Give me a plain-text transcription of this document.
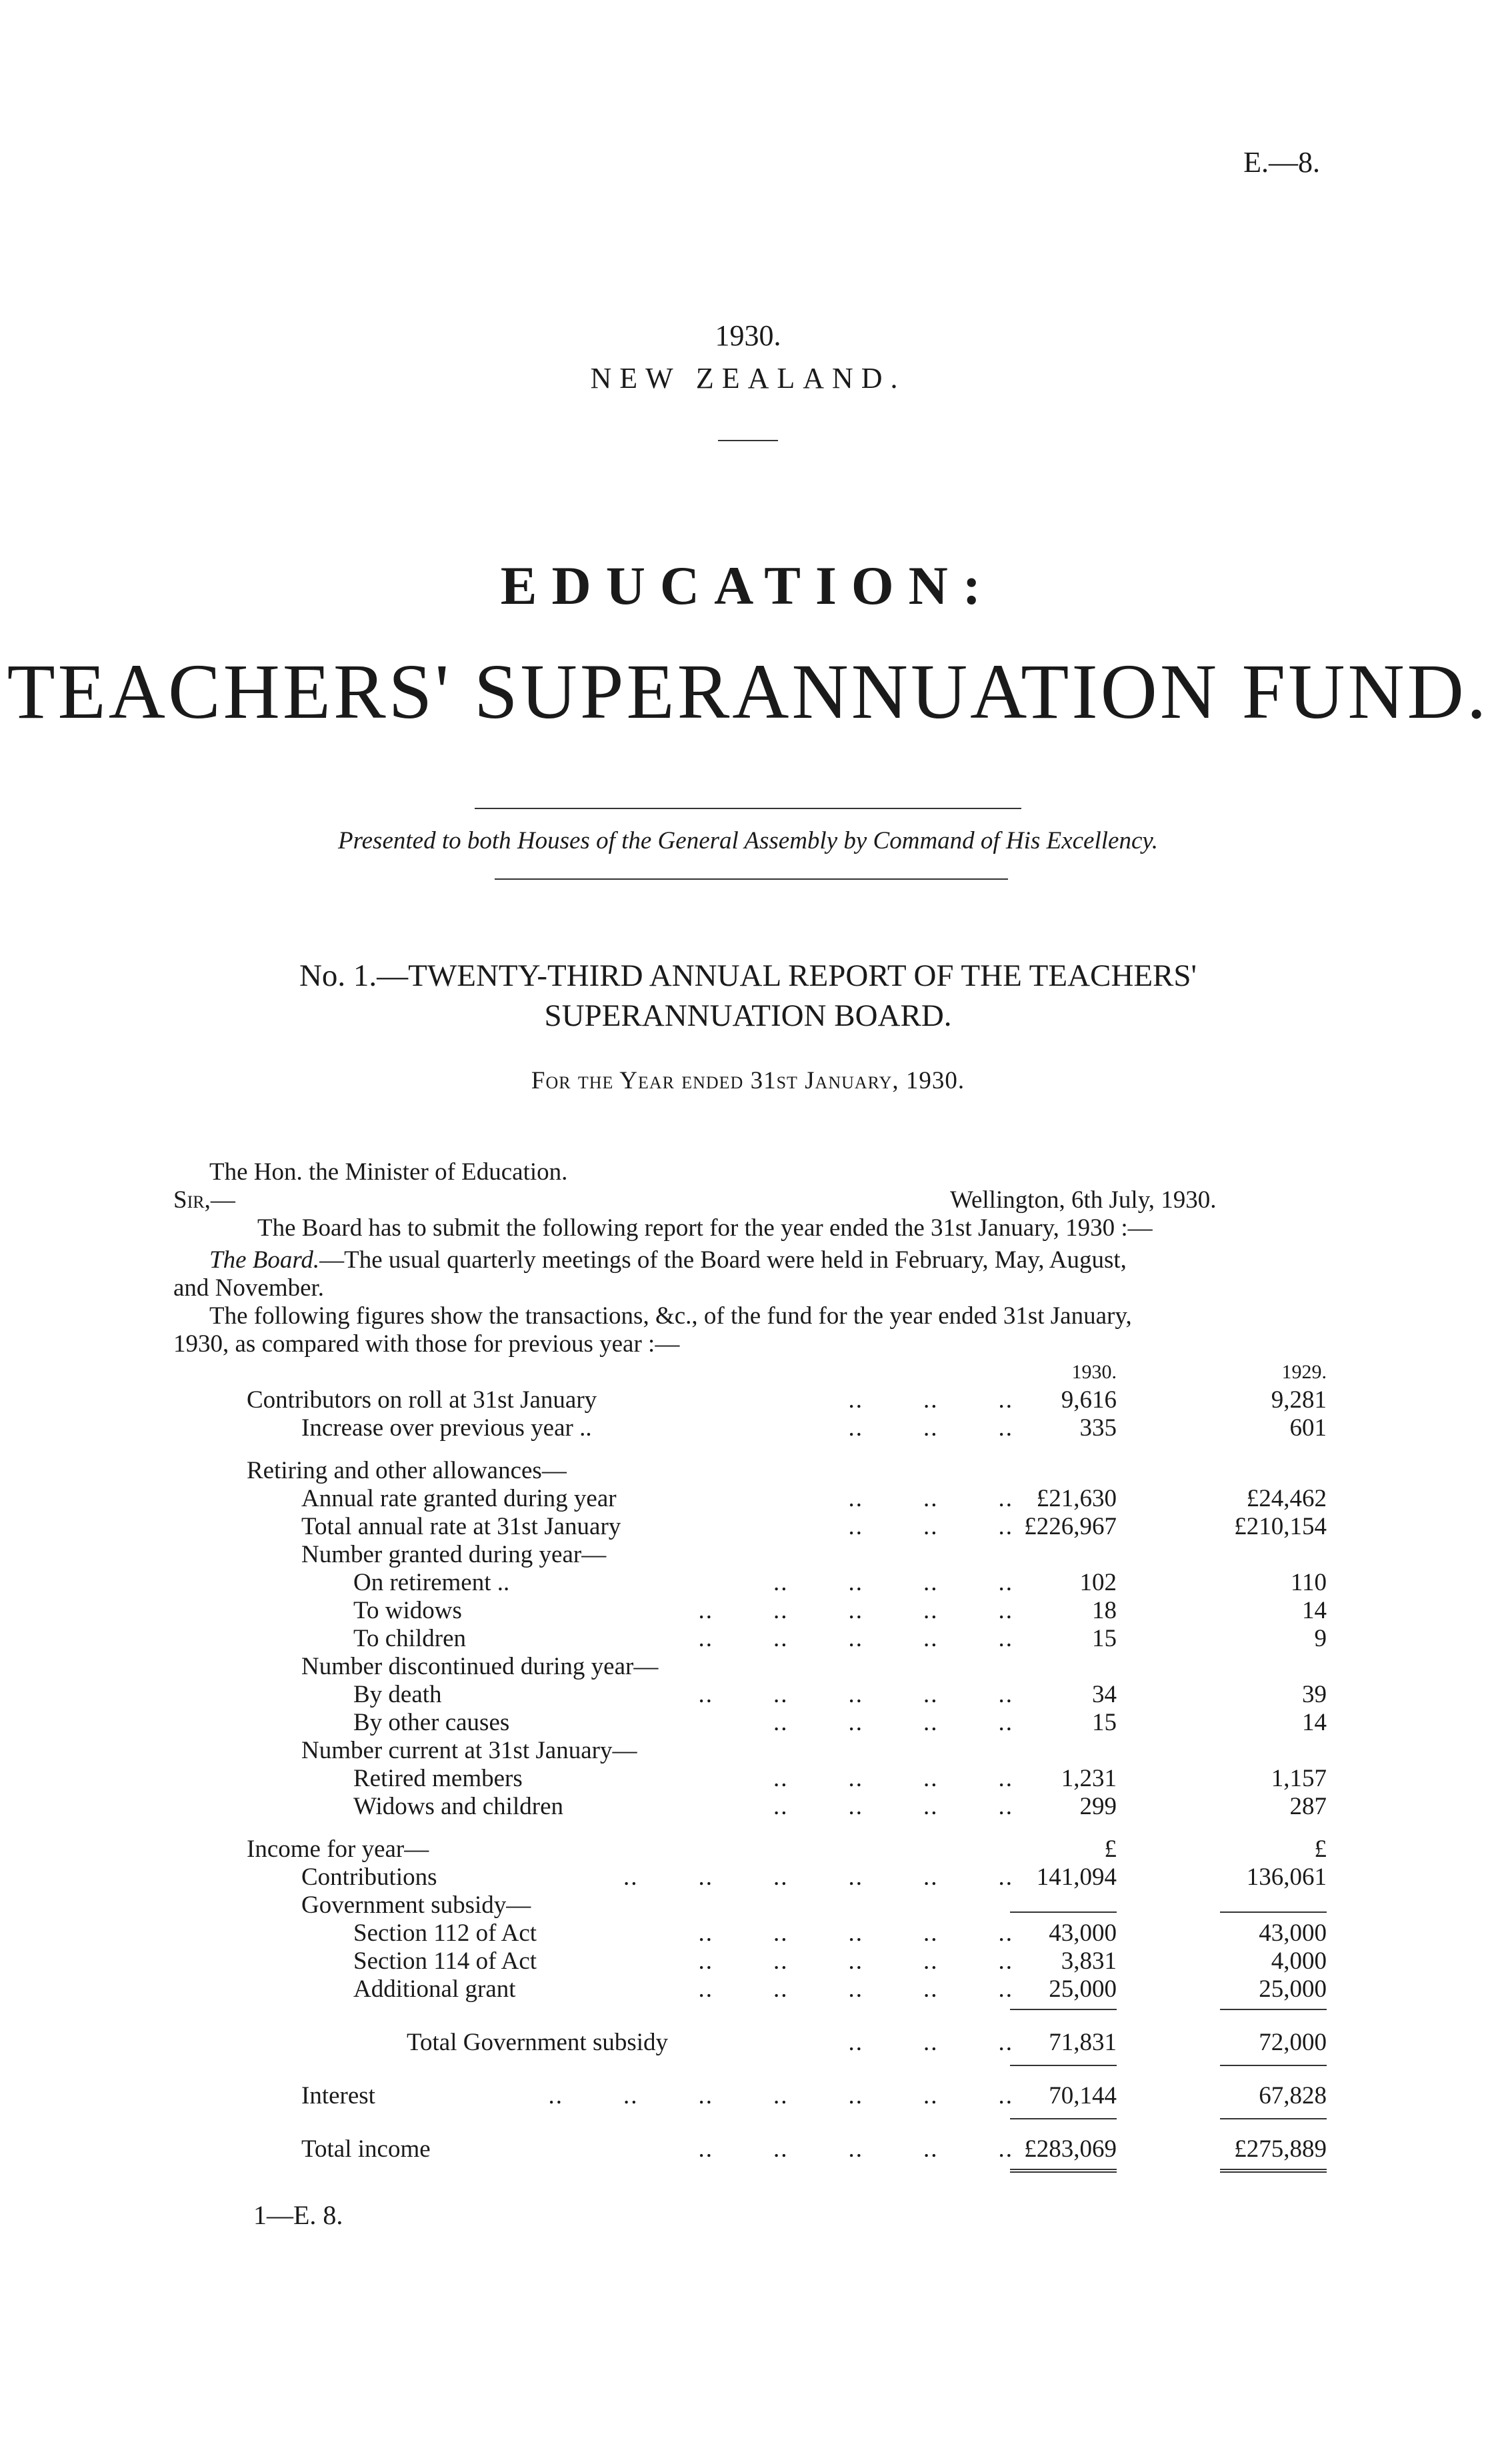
E.—8.
1930.
NEW ZEALAND.
EDUCATION:
TEACHERS' SUPERANNUATION FUND.
Presented to both Houses of the General Assembly by Command of His Excellency.
No. 1.—TWENTY-THIRD ANNUAL REPORT OF THE TEACHERS'
SUPERANNUATION BOARD.
For the Year ended 31st January, 1930.
The Hon. the Minister of Education.
Sir,—	Wellington, 6th July, 1930.
The Board has to submit the following report for the year ended the 31st January, 1930 :—
The Board.—The usual quarterly meetings of the Board were held in February, May, August,
and November.
The following figures show the transactions, &c., of the fund for the year ended 31st January,
1930, as compared with those for previous year :—
1930.	1929.
Contributors on roll at 31st January	..        ..        .. 9,616	9,281
Increase over previous year ..	..        ..        ..	335	601
Retiring and other allowances—
Annual rate granted during year	..        ..        .. £21,630	£24,462
Total annual rate at 31st January	..        ..        .. £226,967	£210,154
Number granted during year—
On retirement ..	..        ..        ..        ..	102	110
To widows	..        ..        ..        ..        ..	18	14
To children	..        ..        ..        ..        ..	15	9
Number discontinued during year—
By death	..        ..        ..        ..        ..	34	39
By other causes	..        ..        ..        ..	15	14
Number current at 31st January—
Retired members	..        ..        ..        .. 1,231	1,157
Widows and children	..        ..        ..        ..	299	287
Income for year—	£	£
Contributions	..        ..        ..        ..        ..        .. 141,094	136,061
Government subsidy—
Section 112 of Act	..        ..        ..        ..        .. 43,000	43,000
Section 114 of Act	..        ..        ..        ..        .. 3,831	4,000
Additional grant	..        ..        ..        ..        .. 25,000	25,000
Total Government subsidy	..        ..        .. 71,831	72,000
Interest	..        ..        ..        ..        ..        ..        .. 70,144	67,828
Total income	..        ..        ..        ..        .. £283,069	£275,889
1—E. 8.
